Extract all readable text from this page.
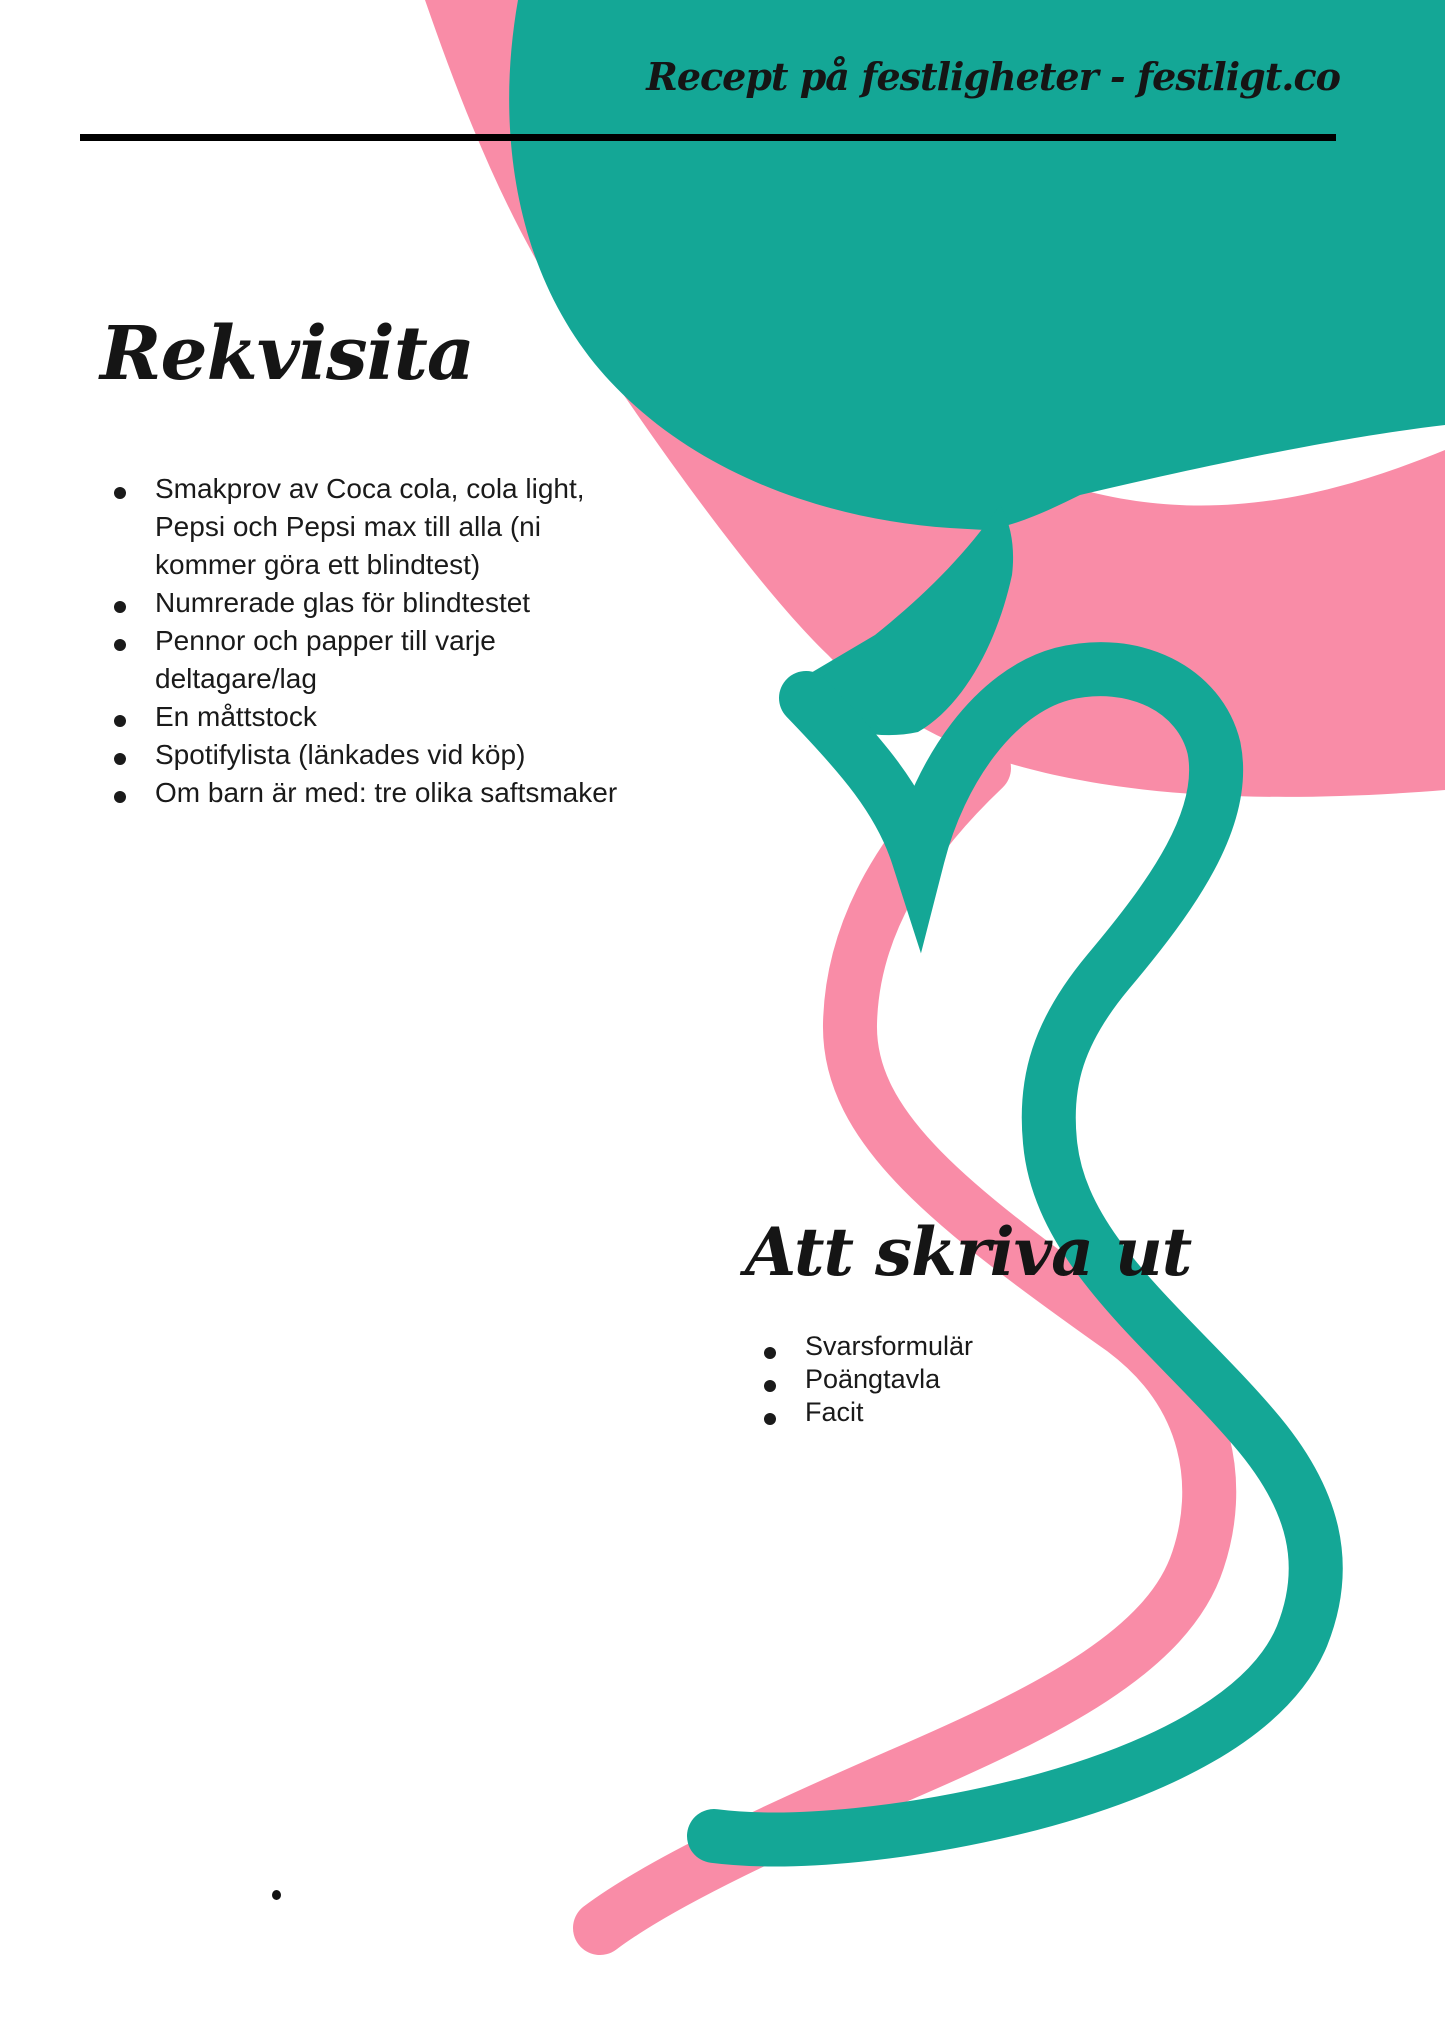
Recept på festligheter - festligt.co
Rekvisita
Smakprov av Coca cola, cola light, Pepsi och Pepsi max till alla (ni kommer göra ett blindtest)
Numrerade glas för blindtestet
Pennor och papper till varje deltagare/lag
En måttstock
Spotifylista (länkades vid köp)
Om barn är med: tre olika saftsmaker
Att skriva ut
Svarsformulär
Poängtavla
Facit
